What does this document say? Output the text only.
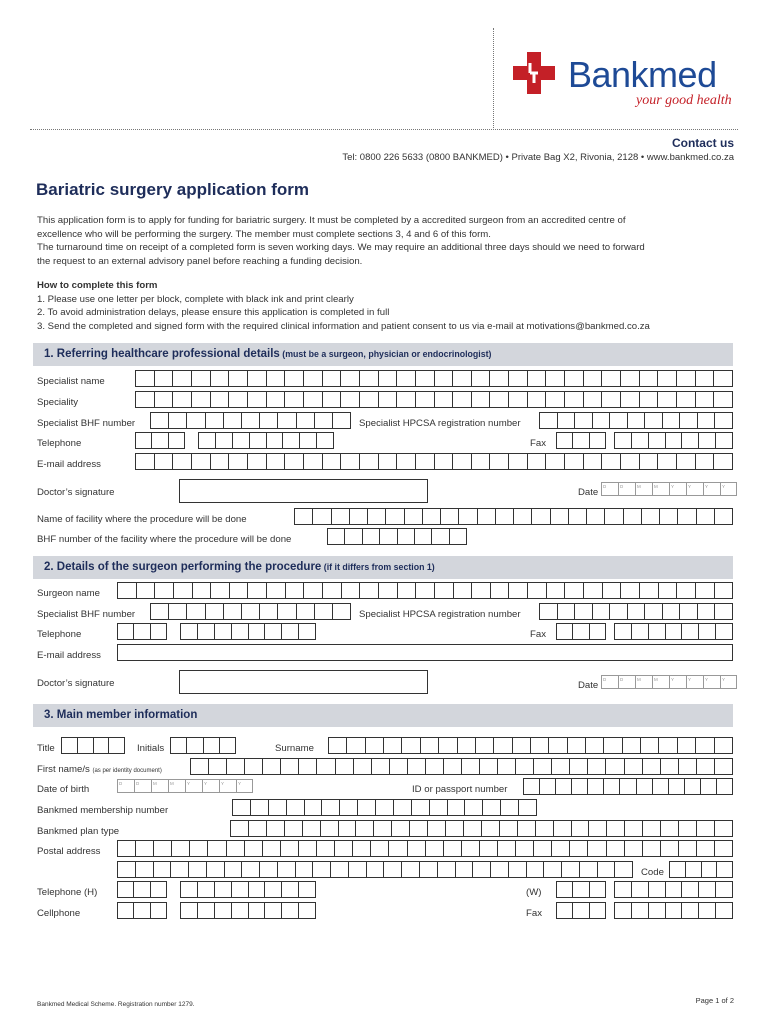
Bankmed
your good health
Contact us
Tel: 0800 226 5633 (0800 BANKMED) • Private Bag X2, Rivonia, 2128 • www.bankmed.co.za
Bariatric surgery application form
This application form is to apply for funding for bariatric surgery. It must be completed by a accredited surgeon from an accredited centre of
excellence who will be performing the surgery. The member must complete sections 3, 4 and 6 of this form.
The turnaround time on receipt of a completed form is seven working days. We may require an additional three days should we need to forward
the request to an external advisory panel before reaching a funding decision.
How to complete this form
1. Please use one letter per block, complete with black ink and print clearly
2. To avoid administration delays, please ensure this application is completed in full
3. Send the completed and signed form with the required clinical information and patient consent to us via e-mail at motivations@bankmed.co.za
1. Referring healthcare professional details (must be a surgeon, physician or endocrinologist)
Specialist name
Speciality
Specialist BHF number	Specialist HPCSA registration number
Telephone	Fax
E-mail address
Doctor’s signature	Date
D	D	M	M	Y	Y	Y	Y
Name of facility where the procedure will be done
BHF number of the facility where the procedure will be done
2. Details of the surgeon performing the procedure (if it differs from section 1)
Surgeon name
Specialist BHF number	Specialist HPCSA registration number
Telephone	Fax
E-mail address
Doctor’s signature	Date
D	D	M	M	Y	Y	Y	Y
3. Main member information
Title	Initials	Surname
First name/s (as per identity document)
Date of birth
D	D	M	M	Y	Y	Y	Y
ID or passport number
Bankmed membership number
Bankmed plan type
Postal address
Code
Telephone (H)	(W)
Cellphone	Fax
Page 1 of 2
Bankmed Medical Scheme. Registration number 1279.
